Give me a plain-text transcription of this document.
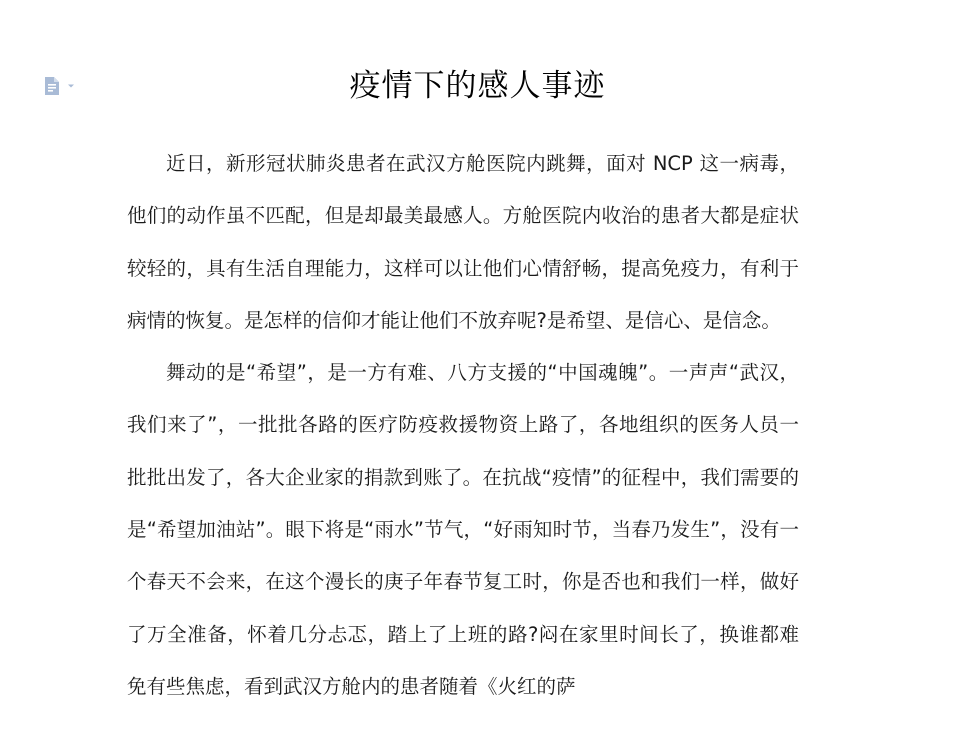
疫情下的感人事迹

近日，新形冠状肺炎患者在武汉方舱医院内跳舞，面对 NCP 这一病毒，他们的动作虽不匹配，但是却最美最感人。方舱医院内收治的患者大都是症状较轻的，具有生活自理能力，这样可以让他们心情舒畅，提高免疫力，有利于病情的恢复。是怎样的信仰才能让他们不放弃呢?是希望、是信心、是信念。

舞动的是“希望”，是一方有难、八方支援的“中国魂魄”。一声声“武汉，我们来了”，一批批各路的医疗防疫救援物资上路了，各地组织的医务人员一批批出发了，各大企业家的捐款到账了。在抗战“疫情”的征程中，我们需要的是“希望加油站”。眼下将是“雨水”节气，“好雨知时节，当春乃发生”，没有一个春天不会来，在这个漫长的庚子年春节复工时，你是否也和我们一样，做好了万全准备，怀着几分忐忑，踏上了上班的路?闷在家里时间长了，换谁都难免有些焦虑，看到武汉方舱内的患者随着《火红的萨
